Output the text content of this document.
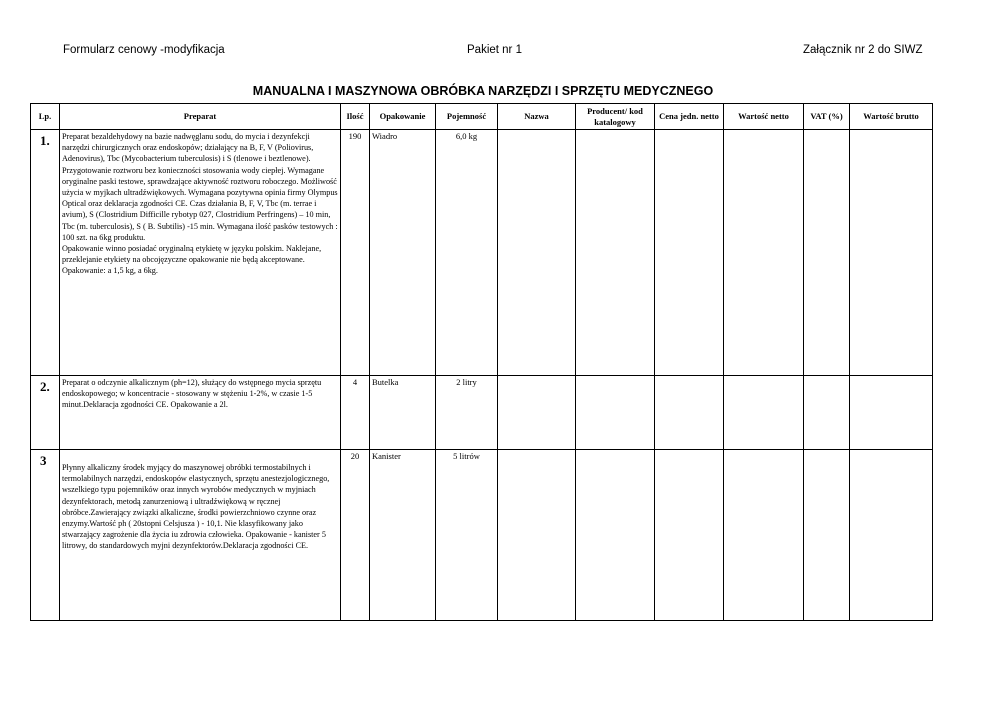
Formularz cenowy -modyfikacja	Pakiet nr 1	Załącznik nr 2 do SIWZ
MANUALNA I MASZYNOWA OBRÓBKA NARZĘDZI I SPRZĘTU MEDYCZNEGO
Lp.	Preparat	Ilość	Opakowanie	Pojemność	Nazwa	Producent/ kod katalogowy	Cena jedn. netto	Wartość netto	VAT (%)	Wartość brutto
1.	Preparat bezaldehydowy na bazie nadwęglanu sodu, do mycia i dezynfekcji narzędzi chirurgicznych oraz endoskopów; działający na B, F, V (Poliovirus, Adenovirus), Tbc (Mycobacterium tuberculosis) i S (tlenowe i beztlenowe). Przygotowanie roztworu bez konieczności stosowania wody ciepłej. Wymagane oryginalne paski testowe, sprawdzające aktywność roztworu roboczego. Możliwość użycia w myjkach ultradźwiękowych. Wymagana pozytywna opinia firmy Olympus Optical oraz deklaracja zgodności CE. Czas działania B, F, V, Tbc (m. terrae i avium), S (Clostridium Difficille rybotyp 027, Clostridium Perfringens) – 10 min, Tbc (m. tuberculosis), S ( B. Subtilis) -15 min. Wymagana ilość pasków testowych : 100 szt. na 6kg produktu.
Opakowanie winno posiadać oryginalną etykietę w języku polskim. Naklejane, przeklejanie etykiety na obcojęzyczne opakowanie nie będą akceptowane.
Opakowanie: a 1,5 kg, a 6kg.	190	Wiadro	6,0 kg						
2.	Preparat o odczynie alkalicznym (ph=12), służący do wstępnego mycia sprzętu endoskopowego; w koncentracie - stosowany w stężeniu 1-2%, w czasie 1-5 minut.Deklaracja zgodności CE. Opakowanie a 2l.	4	Butelka	2 litry						
3	Płynny alkaliczny środek myjący do maszynowej obróbki termostabilnych i termolabilnych narzędzi, endoskopów elastycznych, sprzętu anestezjologicznego, wszelkiego typu pojemników oraz innych wyrobów medycznych w myjniach dezynfektorach, metodą zanurzeniową i ultradźwiękową w ręcznej obróbce.Zawierający związki alkaliczne, środki powierzchniowo czynne oraz enzymy.Wartość ph ( 20stopni Celsjusza ) - 10,1. Nie klasyfikowany jako stwarzający zagrożenie dla życia iu zdrowia człowieka. Opakowanie - kanister 5 litrowy, do standardowych myjni dezynfektorów.Deklaracja zgodności CE.	20	Kanister	5 litrów						
